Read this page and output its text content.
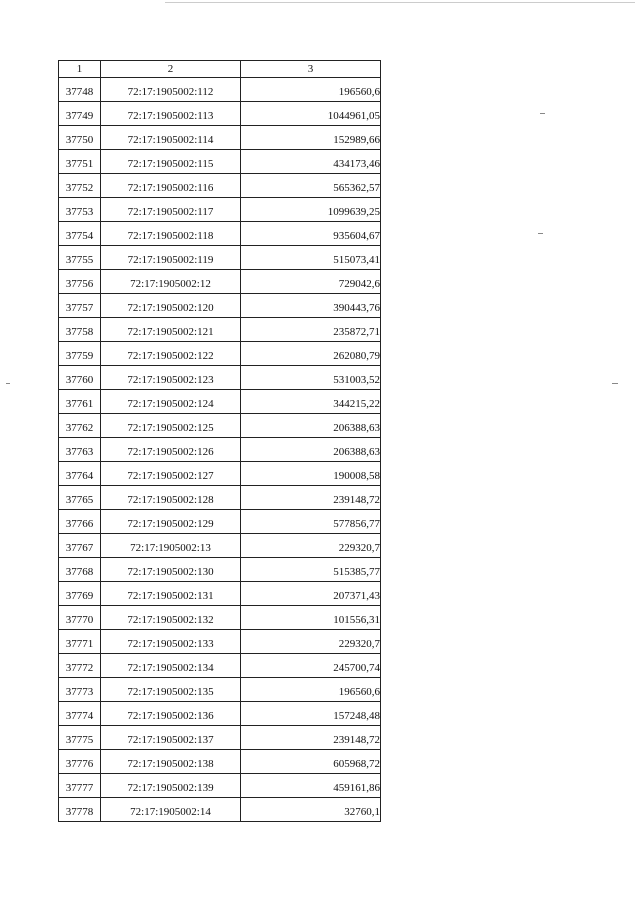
1	2	3
37748	72:17:1905002:112	196560,6
37749	72:17:1905002:113	1044961,05
37750	72:17:1905002:114	152989,66
37751	72:17:1905002:115	434173,46
37752	72:17:1905002:116	565362,57
37753	72:17:1905002:117	1099639,25
37754	72:17:1905002:118	935604,67
37755	72:17:1905002:119	515073,41
37756	72:17:1905002:12	729042,6
37757	72:17:1905002:120	390443,76
37758	72:17:1905002:121	235872,71
37759	72:17:1905002:122	262080,79
37760	72:17:1905002:123	531003,52
37761	72:17:1905002:124	344215,22
37762	72:17:1905002:125	206388,63
37763	72:17:1905002:126	206388,63
37764	72:17:1905002:127	190008,58
37765	72:17:1905002:128	239148,72
37766	72:17:1905002:129	577856,77
37767	72:17:1905002:13	229320,7
37768	72:17:1905002:130	515385,77
37769	72:17:1905002:131	207371,43
37770	72:17:1905002:132	101556,31
37771	72:17:1905002:133	229320,7
37772	72:17:1905002:134	245700,74
37773	72:17:1905002:135	196560,6
37774	72:17:1905002:136	157248,48
37775	72:17:1905002:137	239148,72
37776	72:17:1905002:138	605968,72
37777	72:17:1905002:139	459161,86
37778	72:17:1905002:14	32760,1
